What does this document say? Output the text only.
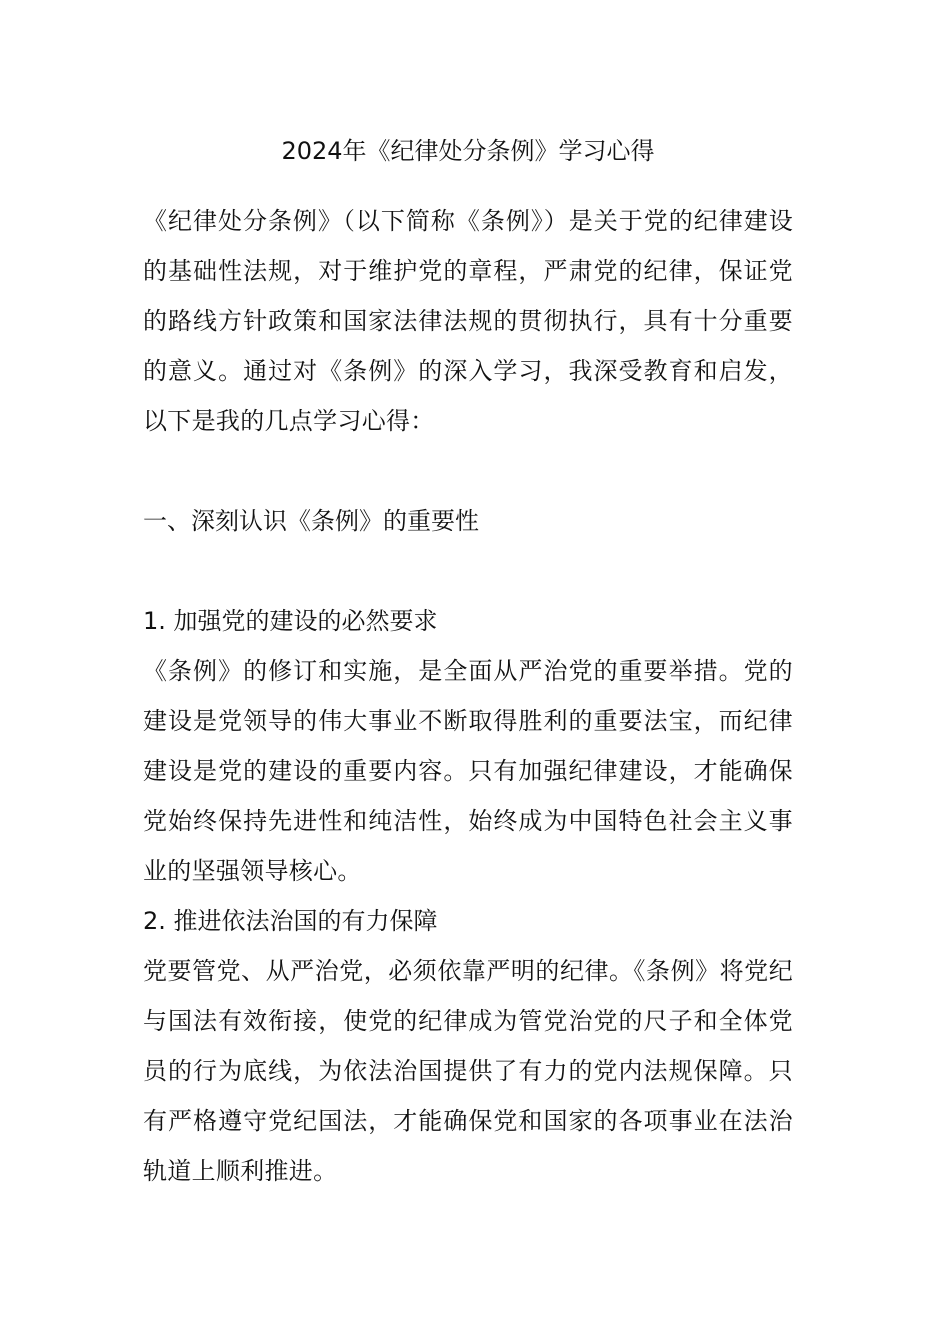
2024年《纪律处分条例》学习心得

《纪律处分条例》（以下简称《条例》）是关于党的纪律建设的基础性法规，对于维护党的章程，严肃党的纪律，保证党的路线方针政策和国家法律法规的贯彻执行，具有十分重要的意义。通过对《条例》的深入学习，我深受教育和启发，以下是我的几点学习心得：

一、深刻认识《条例》的重要性

1. 加强党的建设的必然要求

《条例》的修订和实施，是全面从严治党的重要举措。党的建设是党领导的伟大事业不断取得胜利的重要法宝，而纪律建设是党的建设的重要内容。只有加强纪律建设，才能确保党始终保持先进性和纯洁性，始终成为中国特色社会主义事业的坚强领导核心。

2. 推进依法治国的有力保障

党要管党、从严治党，必须依靠严明的纪律。《条例》将党纪与国法有效衔接，使党的纪律成为管党治党的尺子和全体党员的行为底线，为依法治国提供了有力的党内法规保障。只有严格遵守党纪国法，才能确保党和国家的各项事业在法治轨道上顺利推进。
